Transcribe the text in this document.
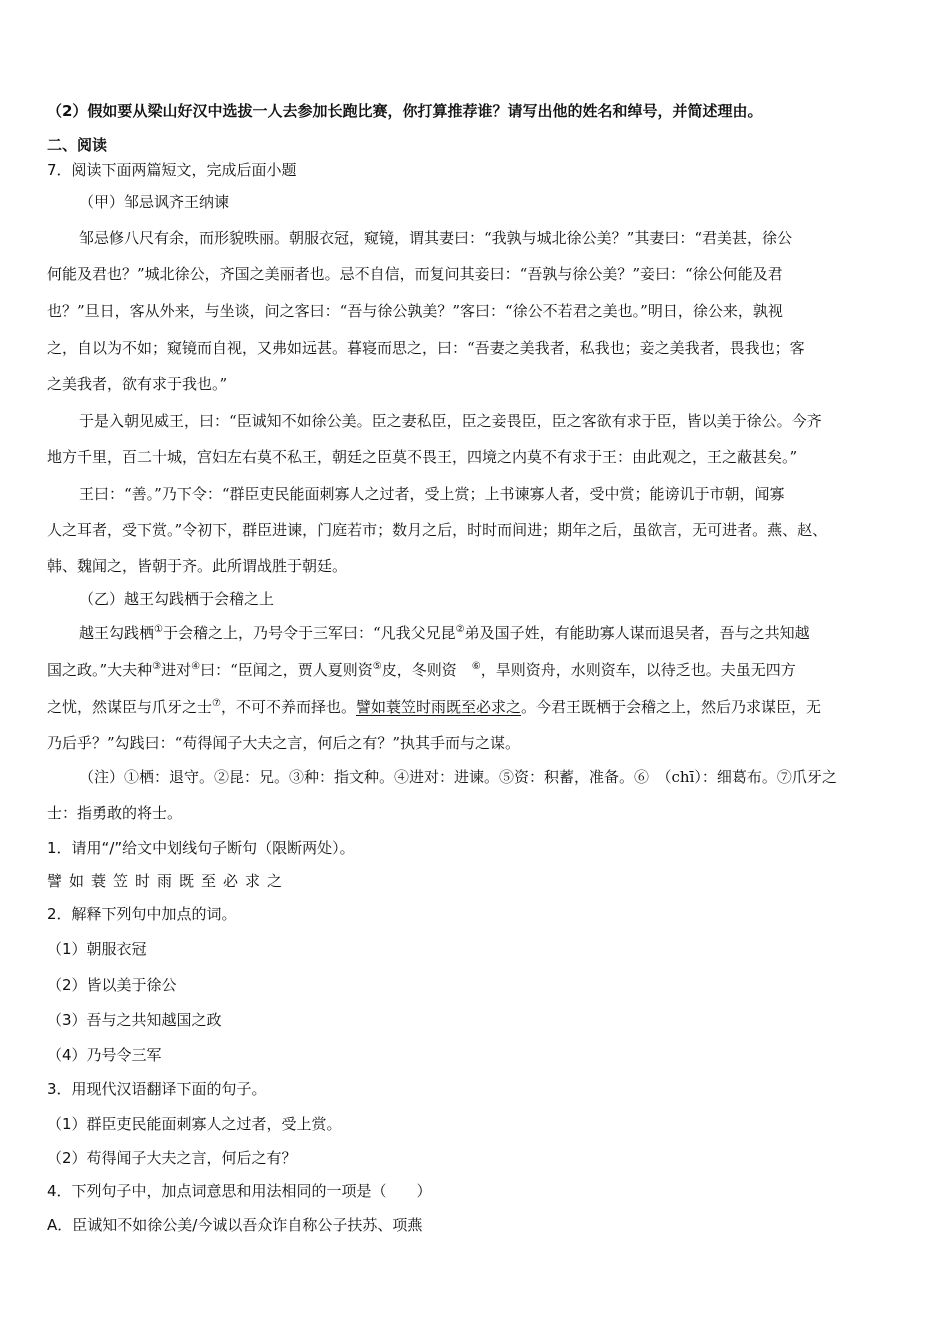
（2）假如要从梁山好汉中选拔一人去参加长跑比赛，你打算推荐谁？请写出他的姓名和绰号，并简述理由。
二、阅读
7．阅读下面两篇短文，完成后面小题
（甲）邹忌讽齐王纳谏
邹忌修八尺有余，而形貌昳丽。朝服衣冠，窥镜，谓其妻曰：“我孰与城北徐公美？”其妻曰：“君美甚，徐公
何能及君也？”城北徐公，齐国之美丽者也。忌不自信，而复问其妾曰：“吾孰与徐公美？”妾曰：“徐公何能及君
也？”旦日，客从外来，与坐谈，问之客曰：“吾与徐公孰美？”客曰：“徐公不若君之美也。”明日，徐公来，孰视
之，自以为不如；窥镜而自视，又弗如远甚。暮寝而思之，曰：“吾妻之美我者，私我也；妾之美我者，畏我也；客
之美我者，欲有求于我也。”
于是入朝见威王，曰：“臣诚知不如徐公美。臣之妻私臣，臣之妾畏臣，臣之客欲有求于臣，皆以美于徐公。今齐
地方千里，百二十城，宫妇左右莫不私王，朝廷之臣莫不畏王，四境之内莫不有求于王：由此观之，王之蔽甚矣。”
王曰：“善。”乃下令：“群臣吏民能面刺寡人之过者，受上赏；上书谏寡人者，受中赏；能谤讥于市朝，闻寡
人之耳者，受下赏。”令初下，群臣进谏，门庭若市；数月之后，时时而间进；期年之后，虽欲言，无可进者。燕、赵、
韩、魏闻之，皆朝于齐。此所谓战胜于朝廷。
（乙）越王勾践栖于会稽之上
越王勾践栖①于会稽之上，乃号令于三军曰：“凡我父兄昆②弟及国子姓，有能助寡人谋而退吴者，吾与之共知越
国之政。”大夫种③进对④曰：“臣闻之，贾人夏则资⑤皮，冬则资　⑥，旱则资舟，水则资车，以待乏也。夫虽无四方
之忧，然谋臣与爪牙之士⑦，不可不养而择也。譬如蓑笠时雨既至必求之。今君王既栖于会稽之上，然后乃求谋臣，无
乃后乎？”勾践曰：“苟得闻子大夫之言，何后之有？”执其手而与之谋。
（注）①栖：退守。②昆：兄。③种：指文种。④进对：进谏。⑤资：积蓄，准备。⑥　（chī）：细葛布。⑦爪牙之
士：指勇敢的将士。
1．请用“/”给文中划线句子断句（限断两处）。
譬如蓑笠时雨既至必求之
2．解释下列句中加点的词。
（1）朝服衣冠
（2）皆以美于徐公
（3）吾与之共知越国之政
（4）乃号令三军
3．用现代汉语翻译下面的句子。
（1）群臣吏民能面刺寡人之过者，受上赏。
（2）苟得闻子大夫之言，何后之有？
4．下列句子中，加点词意思和用法相同的一项是（　　）
A．臣诚知不如徐公美/今诚以吾众诈自称公子扶苏、项燕
